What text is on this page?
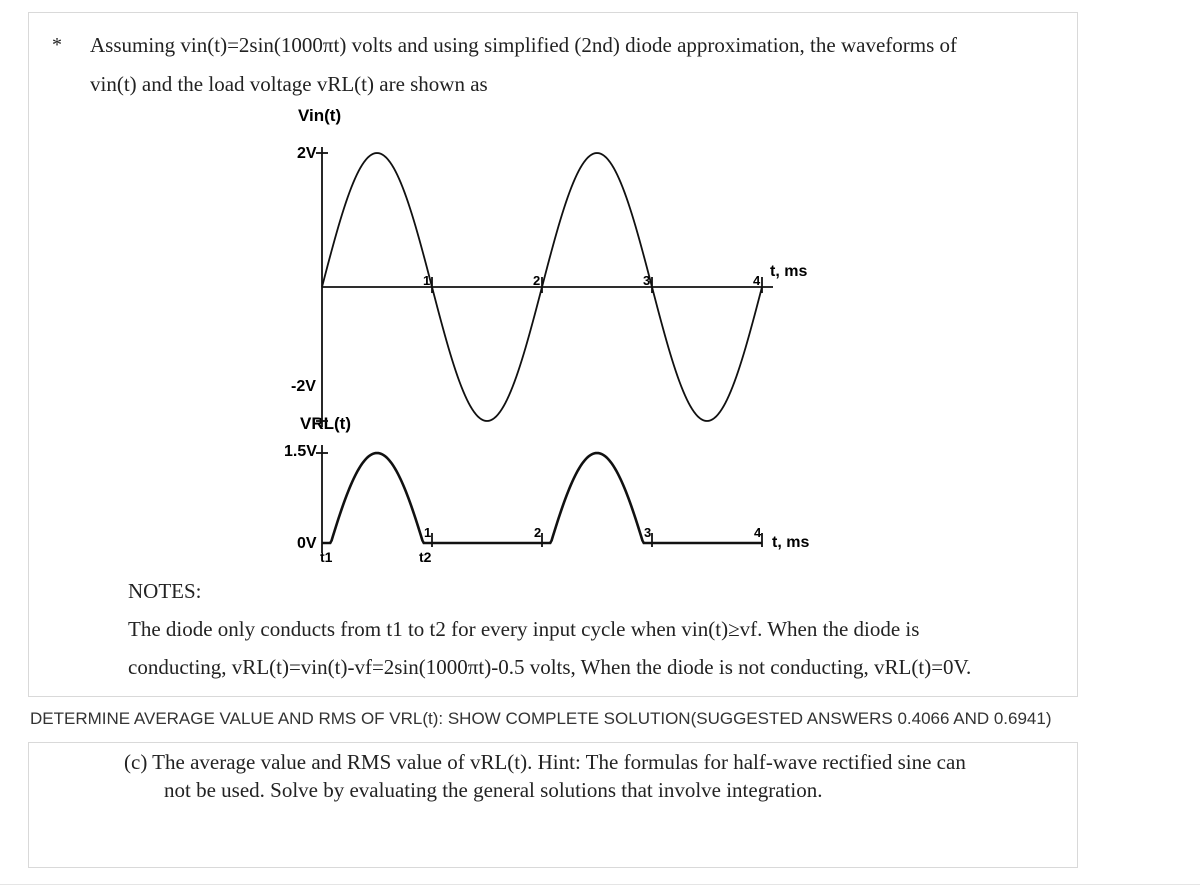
* Assuming vin(t)=2sin(1000πt) volts and using simplified (2nd) diode approximation, the waveforms of
vin(t) and the load voltage vRL(t) are shown as
Vin(t)
2V
-2V
t, ms
VRL(t)
1.5V
0V	t, ms
t1	t2
1	2	3	4
1	2	3	4
NOTES:
The diode only conducts from t1 to t2 for every input cycle when vin(t)≥vf. When the diode is
conducting, vRL(t)=vin(t)-vf=2sin(1000πt)-0.5 volts, When the diode is not conducting, vRL(t)=0V.
DETERMINE AVERAGE VALUE AND RMS OF VRL(t): SHOW COMPLETE SOLUTION(SUGGESTED ANSWERS 0.4066 AND 0.6941)
(c) The average value and RMS value of vRL(t). Hint: The formulas for half-wave rectified sine can
not be used. Solve by evaluating the general solutions that involve integration.
